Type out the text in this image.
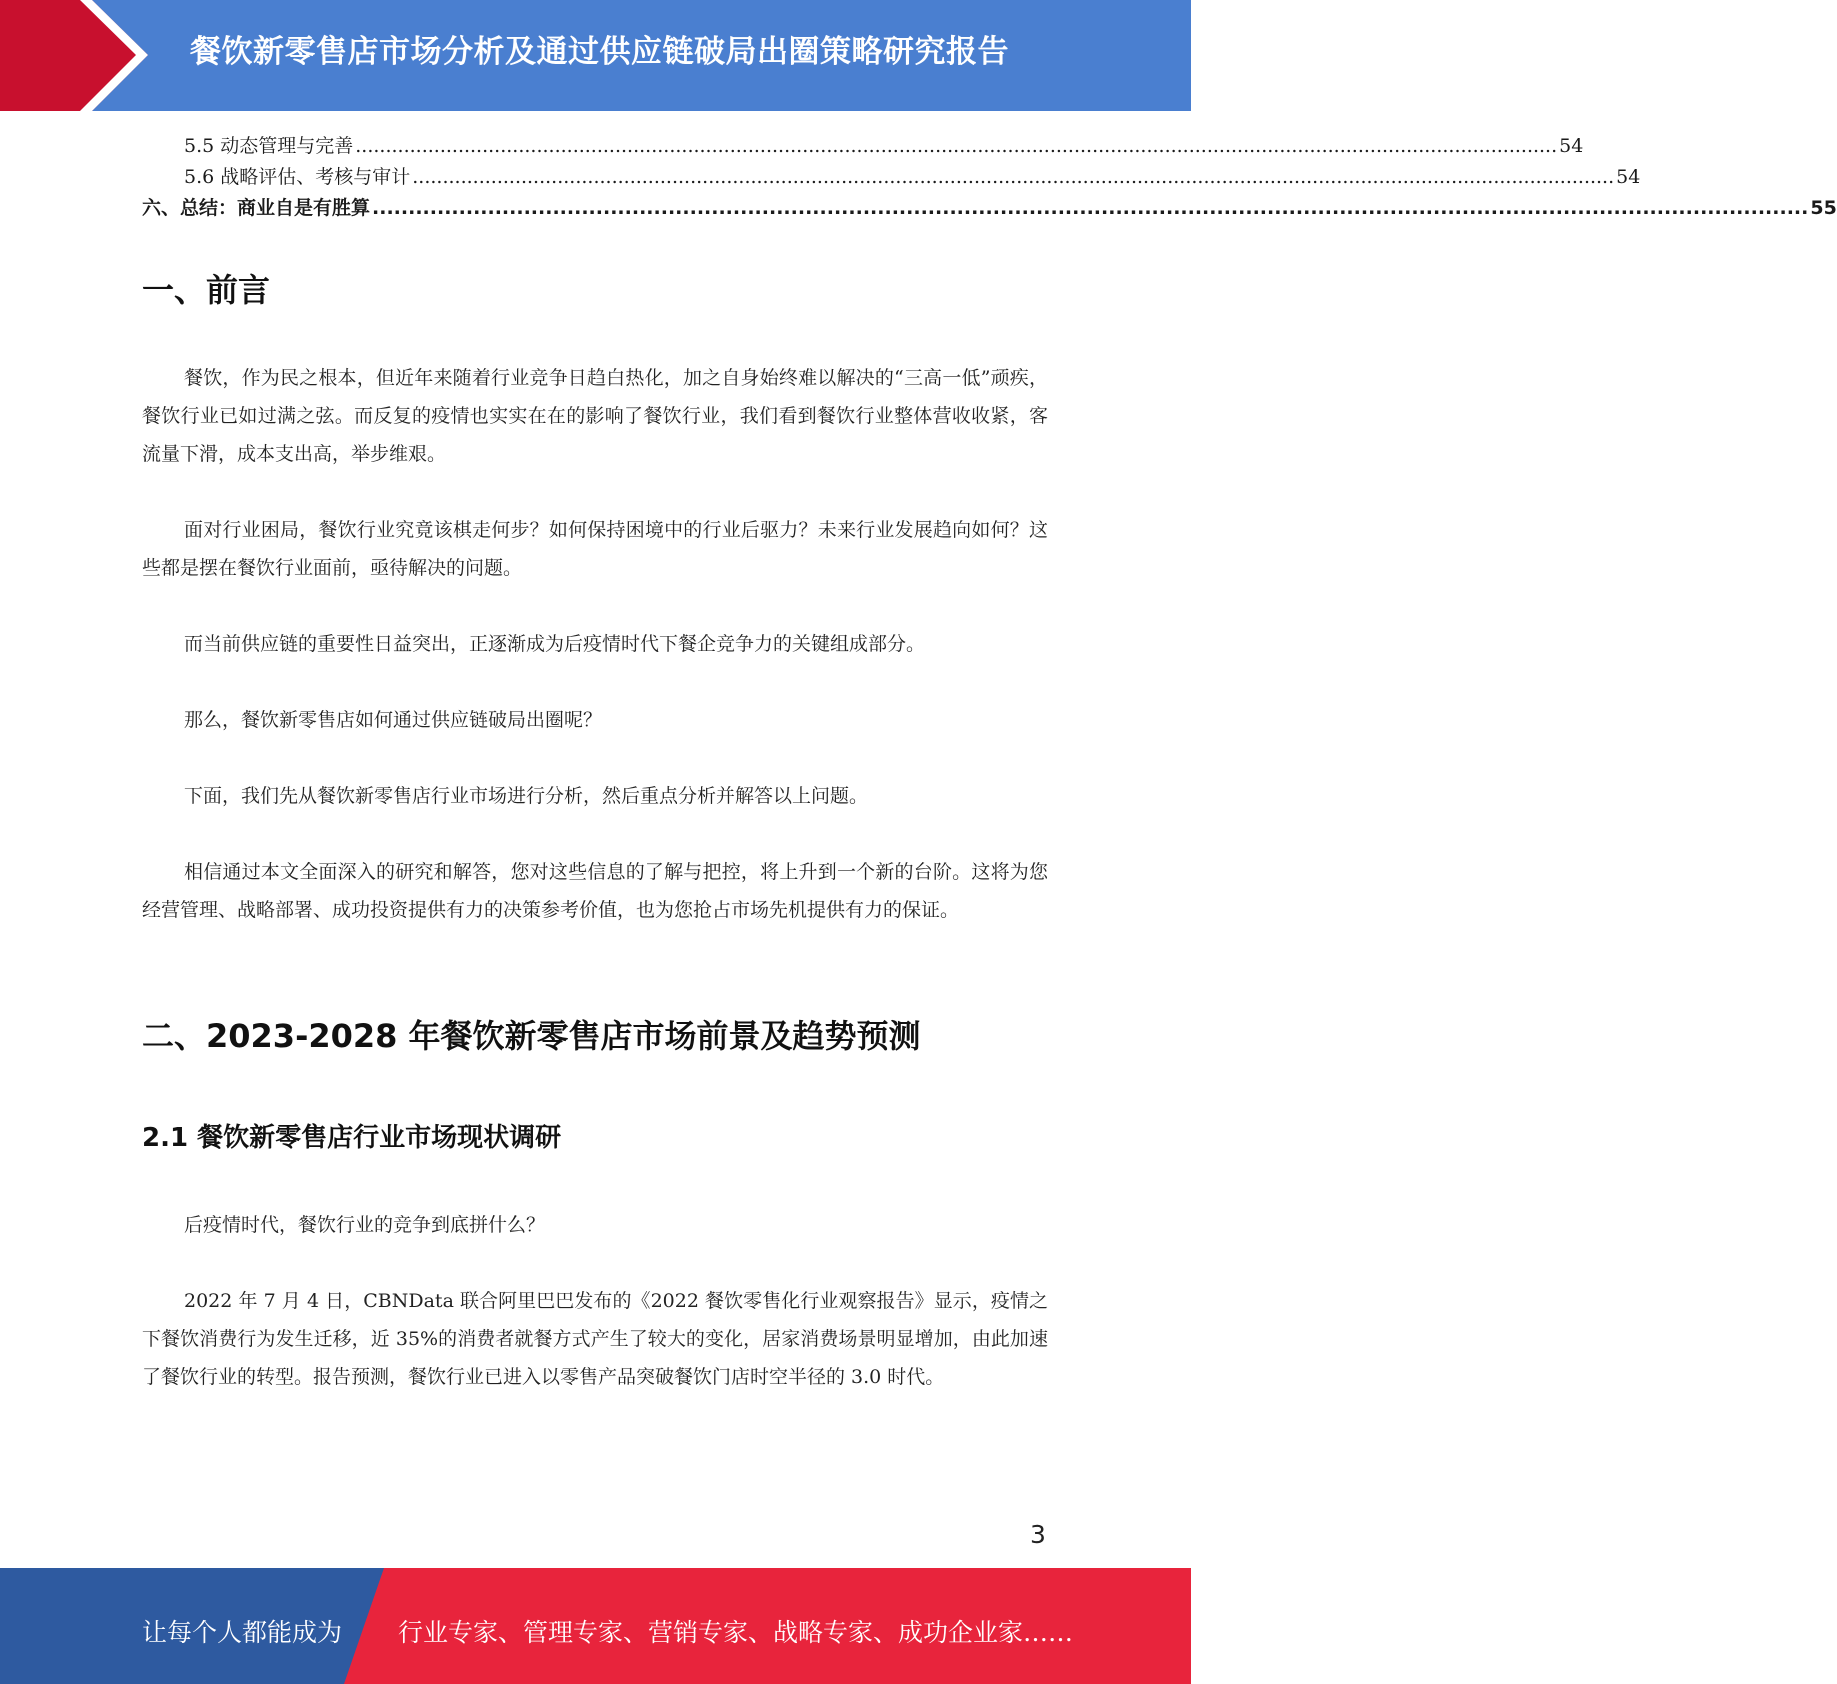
餐饮新零售店市场分析及通过供应链破局出圈策略研究报告
5.5 动态管理与完善 ....................................................................................................................................................................................................... 54
5.6 战略评估、考核与审计 ....................................................................................................................................................................................................... 54
六、总结：商业自是有胜算 ....................................................................................................................................................................................................... 55
一、前言

餐饮，作为民之根本，但近年来随着行业竞争日趋白热化，加之自身始终难以解决的“三高一低”顽疾，餐饮行业已如过满之弦。而反复的疫情也实实在在的影响了餐饮行业，我们看到餐饮行业整体营收收紧，客流量下滑，成本支出高，举步维艰。

面对行业困局，餐饮行业究竟该棋走何步？如何保持困境中的行业后驱力？未来行业发展趋向如何？这些都是摆在餐饮行业面前，亟待解决的问题。

而当前供应链的重要性日益突出，正逐渐成为后疫情时代下餐企竞争力的关键组成部分。

那么，餐饮新零售店如何通过供应链破局出圈呢？

下面，我们先从餐饮新零售店行业市场进行分析，然后重点分析并解答以上问题。

相信通过本文全面深入的研究和解答，您对这些信息的了解与把控，将上升到一个新的台阶。这将为您经营管理、战略部署、成功投资提供有力的决策参考价值，也为您抢占市场先机提供有力的保证。

二、2023-2028 年餐饮新零售店市场前景及趋势预测
2.1 餐饮新零售店行业市场现状调研

后疫情时代，餐饮行业的竞争到底拼什么？

2022 年 7 月 4 日，CBNData 联合阿里巴巴发布的《2022 餐饮零售化行业观察报告》显示，疫情之下餐饮消费行为发生迁移，近 35%的消费者就餐方式产生了较大的变化，居家消费场景明显增加，由此加速了餐饮行业的转型。报告预测，餐饮行业已进入以零售产品突破餐饮门店时空半径的 3.0 时代。

3
让每个人都能成为 行业专家、管理专家、营销专家、战略专家、成功企业家……
